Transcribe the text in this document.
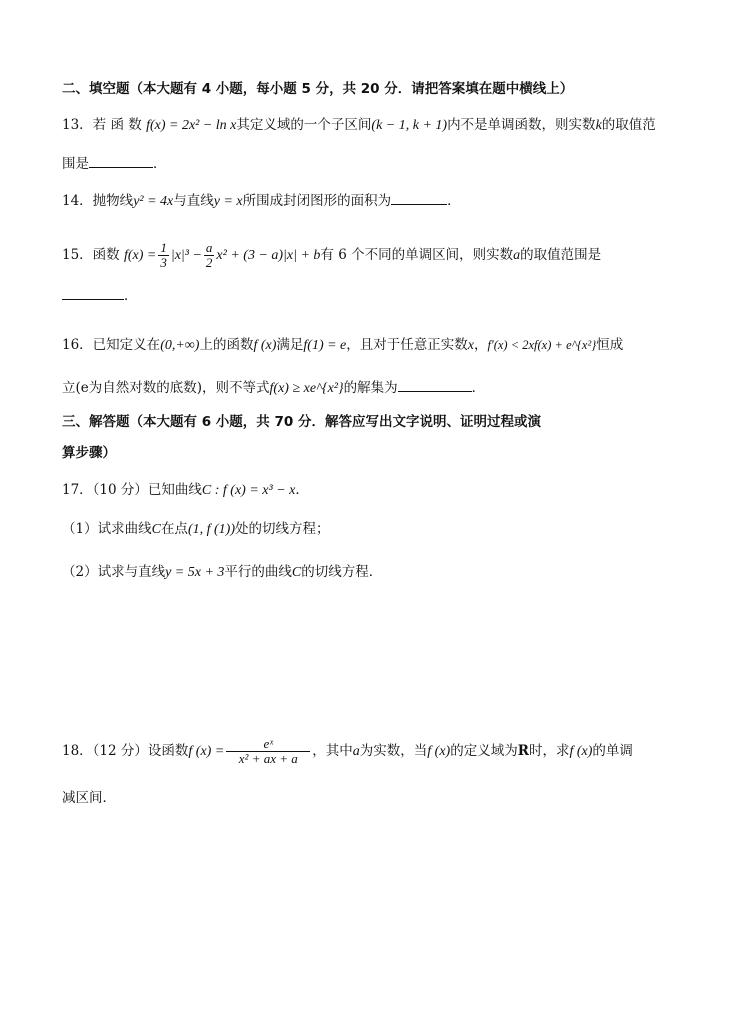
二、填空题（本大题有 4 小题，每小题 5 分，共 20 分．请把答案填在题中横线上）
13．若 函 数 f(x) = 2x² − ln x其定义域的一个子区间(k − 1, k + 1)内不是单调函数，则实数k的取值范
围是	．
14．抛物线y² = 4x与直线y = x所围成封闭图形的面积为	．
15．函数 $f(x) = \frac{1}{3} |x|^3 - \frac{a}{2} x^2 + (3 - a)|x| + b$有 6 个不同的单调区间，则实数a的取值范围是
．
16．已知定义在(0,+∞)上的函数f (x)满足f(1) = e，且对于任意正实数x，f′(x) < 2xf(x) + e^{x²}恒成
立(e为自然对数的底数)，则不等式f(x) ≥ xe^{x²}的解集为	．
三、解答题（本大题有 6 小题，共 70 分．解答应写出文字说明、证明过程或演
算步骤）
17．（10 分）已知曲线C : f (x) = x³ − x．
（1）试求曲线C在点(1, f (1))处的切线方程；
（2）试求与直线y = 5x + 3平行的曲线C的切线方程．
18．（12 分）设函数f $(x) = \frac{\text{eˣ}}{\text{x² + ax + a}}$ ，其中a为实数，当f (x)的定义域为R时，求f (x)的单调
减区间．
